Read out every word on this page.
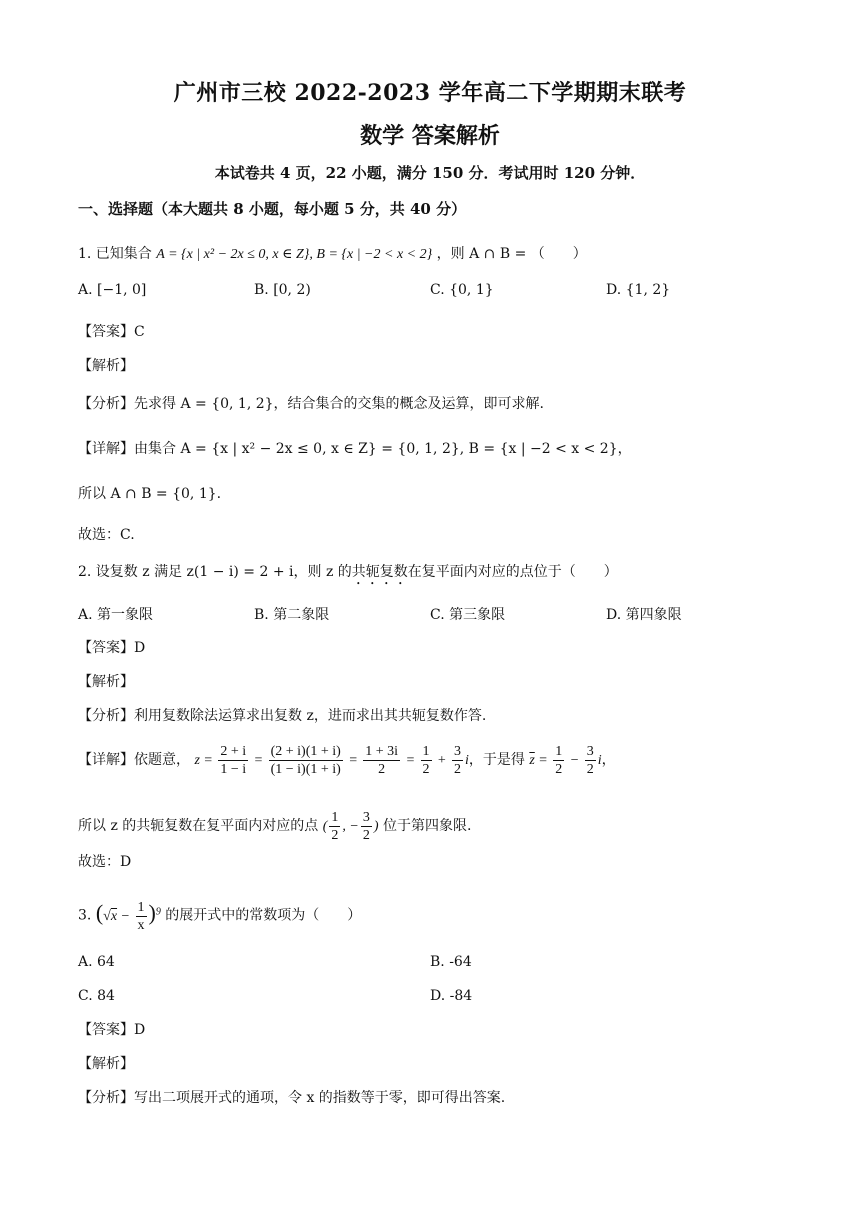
广州市三校 2022-2023 学年高二下学期期末联考
数学 答案解析
本试卷共 4 页，22 小题，满分 150 分．考试用时 120 分钟．
一、选择题（本大题共 8 小题，每小题 5 分，共 40 分）
1. 已知集合 A = {x | x² − 2x ≤ 0, x ∈ Z}, B = {x | −2 < x < 2} ，则 A ∩ B = （　　）
A. [−1, 0]	B. [0, 2)	C. {0, 1}	D. {1, 2}
【答案】C
【解析】
【分析】先求得 A = {0, 1, 2}，结合集合的交集的概念及运算，即可求解.
【详解】由集合 A = {x | x² − 2x ≤ 0, x ∈ Z} = {0, 1, 2}, B = {x | −2 < x < 2}，
所以 A ∩ B = {0, 1}.
故选：C.
2. 设复数 z 满足 z(1 − i) = 2 + i，则 z 的共轭复数在复平面内对应的点位于（　　）
A. 第一象限	B. 第二象限	C. 第三象限	D. 第四象限
【答案】D
【解析】
【分析】利用复数除法运算求出复数 z，进而求出其共轭复数作答.
【详解】依题意， $z = \frac{2 + i}{1 - i} = \frac{(2 + i)(1 + i)}{(1 - i)(1 + i)} = \frac{1 + 3i}{2} = \frac{1}{2} + \frac{3}{2}$ i，于是得 $\overline{z} = \frac{1}{2} - \frac{3}{2}$ i，
所以 z 的共轭复数在复平面内对应的点 ( $\frac{1}{2}$ , − $\frac{3}{2}$ ) 位于第四象限.
故选：D
3. $(√x - \frac{1}{x} )^9$ 的展开式中的常数项为（　　）
A. 64	B. -64
C. 84	D. -84
【答案】D
【解析】
【分析】写出二项展开式的通项，令 x 的指数等于零，即可得出答案.
